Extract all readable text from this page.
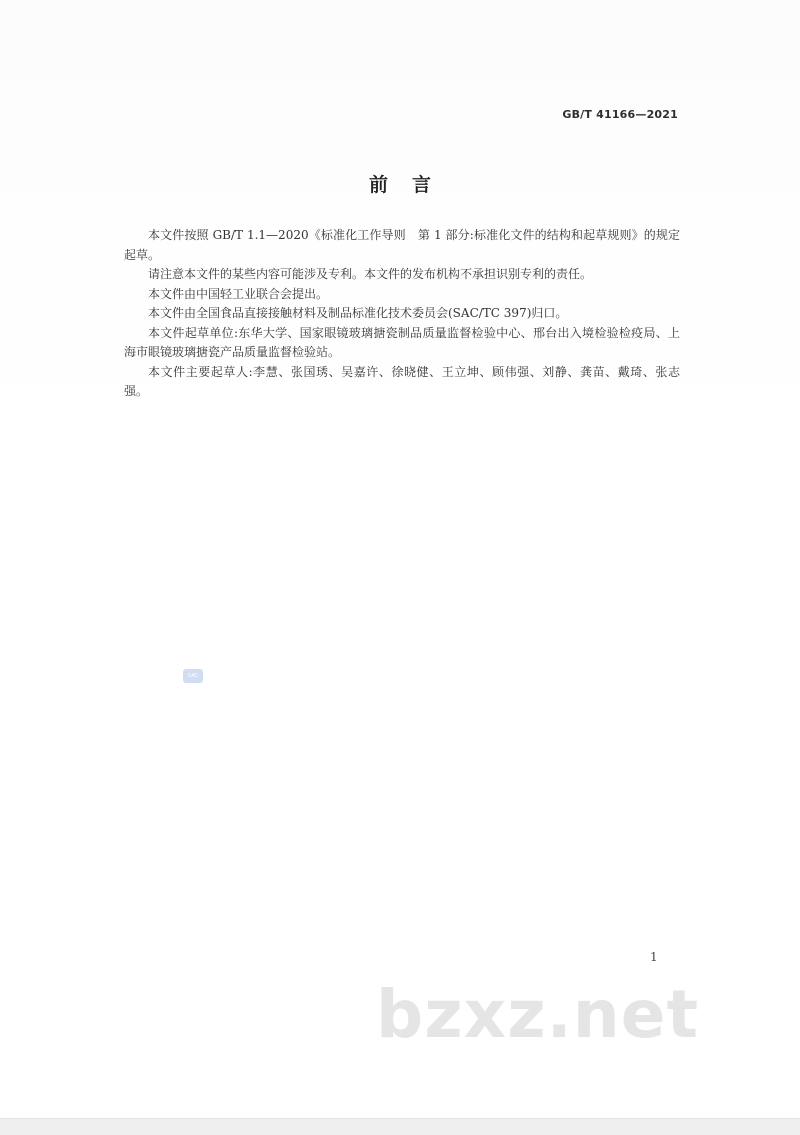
GB/T 41166—2021
前言

本文件按照 GB/T 1.1—2020《标准化工作导则　第 1 部分:标准化文件的结构和起草规则》的规定起草。

请注意本文件的某些内容可能涉及专利。本文件的发布机构不承担识别专利的责任。

本文件由中国轻工业联合会提出。

本文件由全国食品直接接触材料及制品标准化技术委员会(SAC/TC 397)归口。

本文件起草单位:东华大学、国家眼镜玻璃搪瓷制品质量监督检验中心、邢台出入境检验检疫局、上海市眼镜玻璃搪瓷产品质量监督检验站。

本文件主要起草人:李慧、张国琇、吴嘉许、徐晓健、王立坤、顾伟强、刘静、龚苗、戴琦、张志强。

SAC
1
bzxz.net
